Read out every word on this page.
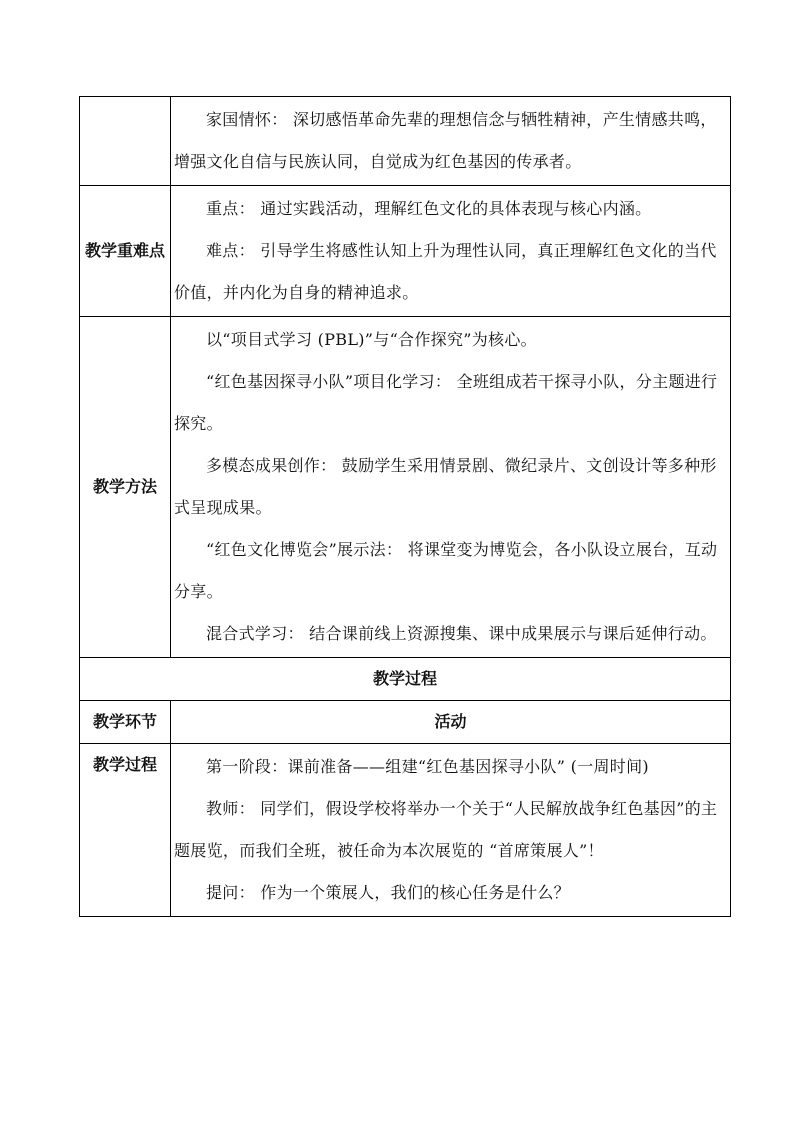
	家国情怀： 深切感悟革命先辈的理想信念与牺牲精神，产生情感共鸣，增强文化自信与民族认同，自觉成为红色基因的传承者。

教学重难点	重点： 通过实践活动，理解红色文化的具体表现与核心内涵。

难点： 引导学生将感性认知上升为理性认同，真正理解红色文化的当代价值，并内化为自身的精神追求。

教学方法	以“项目式学习 (PBL)”与“合作探究”为核心。

“红色基因探寻小队”项目化学习： 全班组成若干探寻小队，分主题进行探究。

多模态成果创作： 鼓励学生采用情景剧、微纪录片、文创设计等多种形式呈现成果。

“红色文化博览会”展示法： 将课堂变为博览会，各小队设立展台，互动分享。

混合式学习： 结合课前线上资源搜集、课中成果展示与课后延伸行动。

教学过程	
教学环节	活动
教学过程	第一阶段：课前准备——组建“红色基因探寻小队” (一周时间)

教师： 同学们，假设学校将举办一个关于“人民解放战争红色基因”的主题展览，而我们全班，被任命为本次展览的 “首席策展人”！

提问： 作为一个策展人，我们的核心任务是什么？
